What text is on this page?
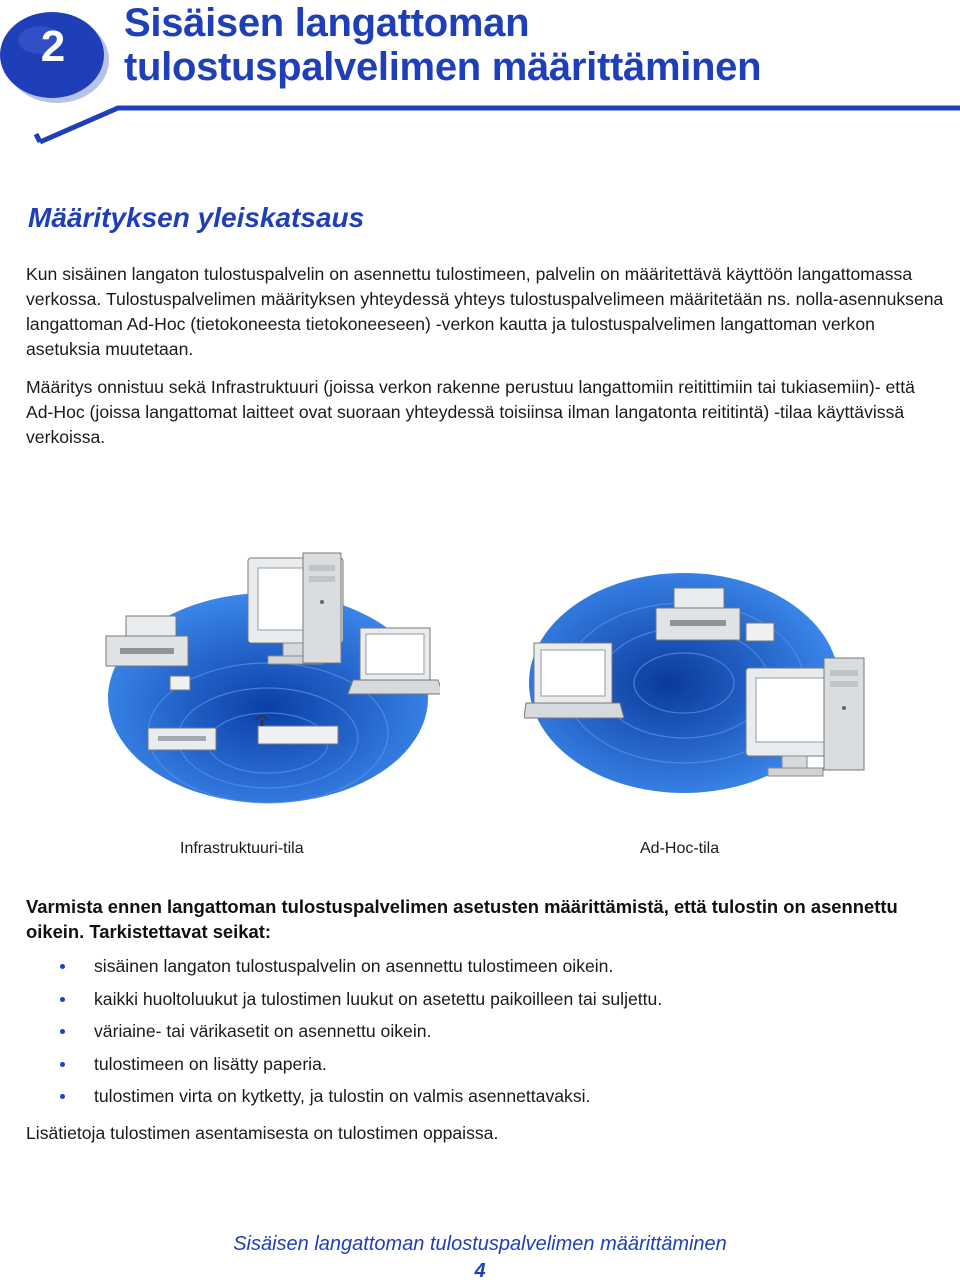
2	Sisäisen langattoman
tulostuspalvelimen määrittäminen
Määrityksen yleiskatsaus

Kun sisäinen langaton tulostuspalvelin on asennettu tulostimeen, palvelin on määritettävä käyttöön langattomassa verkossa. Tulostuspalvelimen määrityksen yhteydessä yhteys tulostuspalvelimeen määritetään ns. nolla-asennuksena langattoman Ad-Hoc (tietokoneesta tietokoneeseen) -verkon kautta ja tulostuspalvelimen langattoman verkon asetuksia muutetaan.

Määritys onnistuu sekä Infrastruktuuri (joissa verkon rakenne perustuu langattomiin reitittimiin tai tukiasemiin)- että Ad-Hoc (joissa langattomat laitteet ovat suoraan yhteydessä toisiinsa ilman langatonta reititintä) -tilaa käyttävissä verkoissa.

Infrastruktuuri-tila	Ad-Hoc-tila

Varmista ennen langattoman tulostuspalvelimen asetusten määrittämistä, että tulostin on asennettu oikein. Tarkistettavat seikat:

sisäinen langaton tulostuspalvelin on asennettu tulostimeen oikein.
kaikki huoltoluukut ja tulostimen luukut on asetettu paikoilleen tai suljettu.
väriaine- tai värikasetit on asennettu oikein.
tulostimeen on lisätty paperia.
tulostimen virta on kytketty, ja tulostin on valmis asennettavaksi.

Lisätietoja tulostimen asentamisesta on tulostimen oppaissa.

Sisäisen langattoman tulostuspalvelimen määrittäminen
4
